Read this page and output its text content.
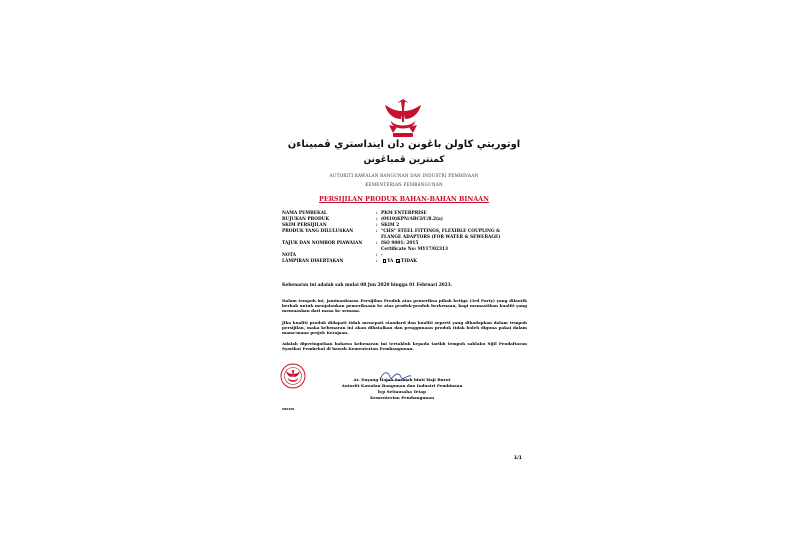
اوتوريتي كاولن باڠونن دان اينداستري ڤمبيناءن
كمنترين ڤمباڠونن
AUTORITI KAWALAN BANGUNAN DAN INDUSTRI PEMBINAAN
KEMENTERIAN PEMBANGUNAN
PERSIJILAN PRODUK BAHAN-BAHAN BINAAN
NAMA PEMBEKAL	: PKM ENTERPRISE
RUJUKAN PRODUK	: (0410)KPN/ABCI/C/8.2(a)
SKIM PERSIJILAN	: SKIM 2
PRODUK YANG DILULUSKAN	: "CHS" STEEL FITTINGS, FLEXIBLE COUPLING &
FLANGE ADAPTORS (FOR WATER & SEWERAGE)
TAJUK DAN NOMBOR PIAWAIAN	: ISO 9001: 2015
Certificate No: MY17/02313
NOTA	: -
LAMPIRAN DISERTAKAN	:	YA TIDAK
Kebenaran ini adalah sah mulai 08 Jun 2020 hingga 01 Februari 2023.
Dalam tempoh ini, jaminankuasa Persijilan Produk atas pemeriksa pihak ketiga (3rd Party) yang dilantik berhak untuk menjalankan pemeriksaan ke atas produk-produk berkenaan, bagi memastikan kualiti yang memuaskan dari masa ke semasa.
Jika kualiti produk didapati tidak menepati standard dan kualiti seperti yang dihadapkan dalam tempoh persijilan, maka kebenaran ini akan dibatalkan dan penggunaan produk tidak boleh diguna pakai dalam mana-mana projek Kerajaan.
Adalah diperingatkan bahawa kebenaran ini tertakluk kepada tarikh tempoh sahlaku Sijil Pendaftaran Syarikat Pembekal di bawah Kementerian Pembangunan.
ABCI39
Ar. Dayang Hajah Sarbiah binti Haji Burut
Autoriti Kawalan Bangunan dan Industri Pembinaan
b/p Setiausaha Tetap
Kementerian Pembangunan
1/1
